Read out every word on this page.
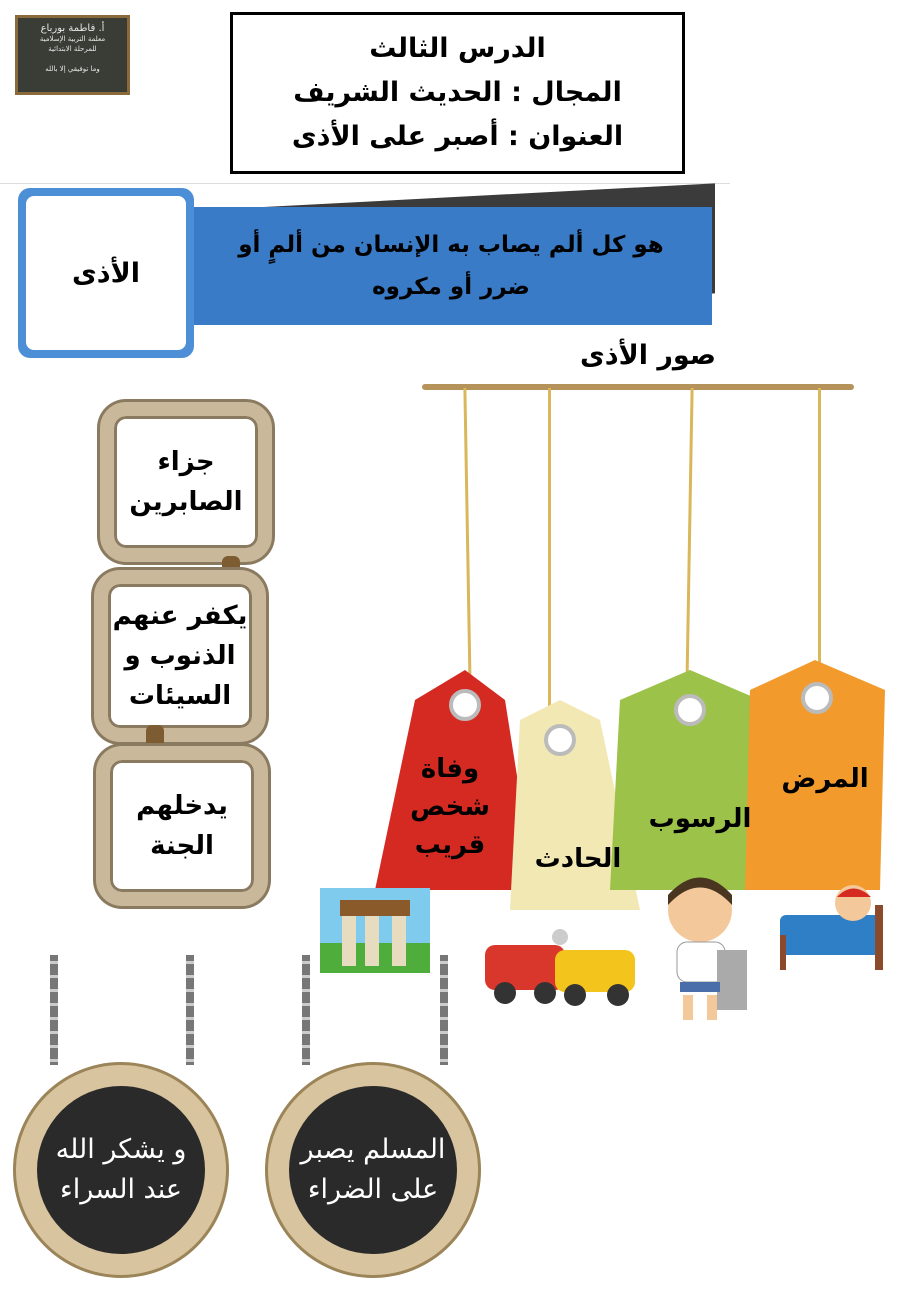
أ. فاطمة بورباع
معلمة التربية الإسلامية
للمرحلة الابتدائية
وما توفيقي إلا بالله
الدرس الثالث
المجال : الحديث الشريف
العنوان : أصبر على الأذى
هو كل ألم يصاب به الإنسان من ألمٍ أو ضرر أو مكروه
الأذى
صور الأذى
المرض
الرسوب
الحادث
وفاة شخص قريب
جزاء الصابرين
يكفر عنهم الذنوب و السيئات
يدخلهم الجنة
و يشكر الله عند السراء
المسلم يصبر على الضراء
